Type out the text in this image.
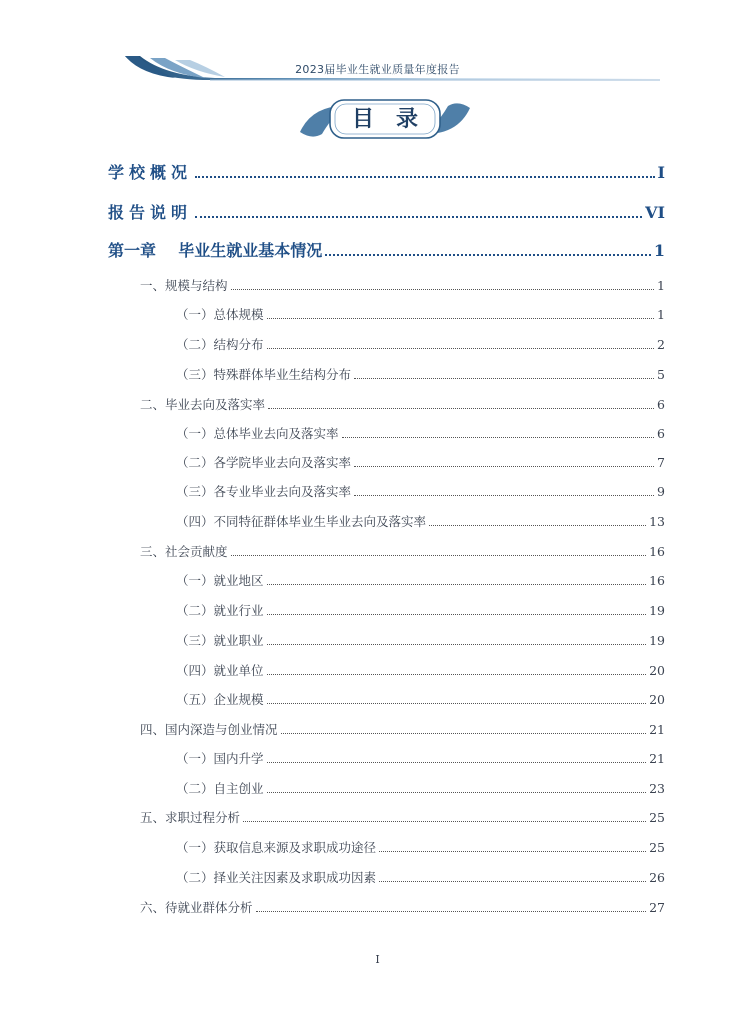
2023届毕业生就业质量年度报告
目录
学校概况	I
报告说明	VI
第一章    毕业生就业基本情况	1
一、规模与结构	1
（一）总体规模	1
（二）结构分布	2
（三）特殊群体毕业生结构分布	5
二、毕业去向及落实率	6
（一）总体毕业去向及落实率	6
（二）各学院毕业去向及落实率	7
（三）各专业毕业去向及落实率	9
（四）不同特征群体毕业生毕业去向及落实率	13
三、社会贡献度	16
（一）就业地区	16
（二）就业行业	19
（三）就业职业	19
（四）就业单位	20
（五）企业规模	20
四、国内深造与创业情况	21
（一）国内升学	21
（二）自主创业	23
五、求职过程分析	25
（一）获取信息来源及求职成功途径	25
（二）择业关注因素及求职成功因素	26
六、待就业群体分析	27
I
